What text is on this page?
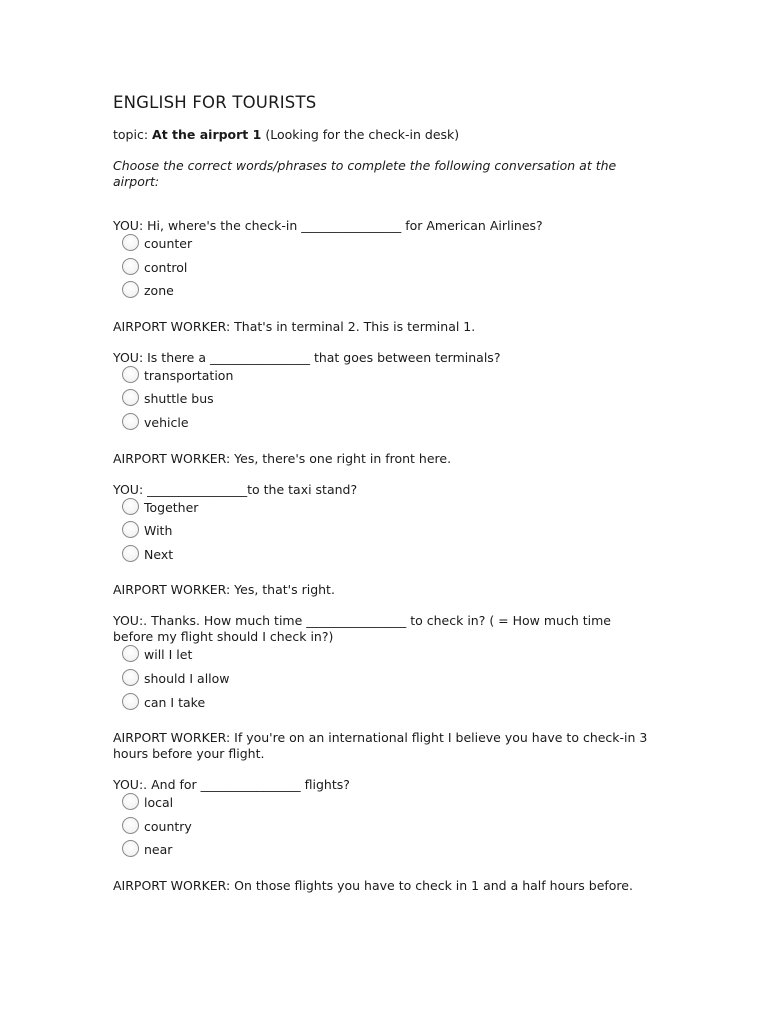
ENGLISH FOR TOURISTS
topic: At the airport 1 (Looking for the check-in desk)
Choose the correct words/phrases to complete the following conversation at the airport:
YOU: Hi, where's the check-in ________________ for American Airlines?
counter
control
zone
AIRPORT WORKER: That's in terminal 2. This is terminal 1.
YOU: Is there a ________________ that goes between terminals?
transportation
shuttle bus
vehicle
AIRPORT WORKER: Yes, there's one right in front here.
YOU: ________________to the taxi stand?
Together
With
Next
AIRPORT WORKER: Yes, that's right.
YOU:. Thanks. How much time ________________ to check in? ( = How much time before my flight should I check in?)
will I let
should I allow
can I take
AIRPORT WORKER: If you're on an international flight I believe you have to check-in 3 hours before your flight.
YOU:. And for ________________ flights?
local
country
near
AIRPORT WORKER: On those flights you have to check in 1 and a half hours before.
